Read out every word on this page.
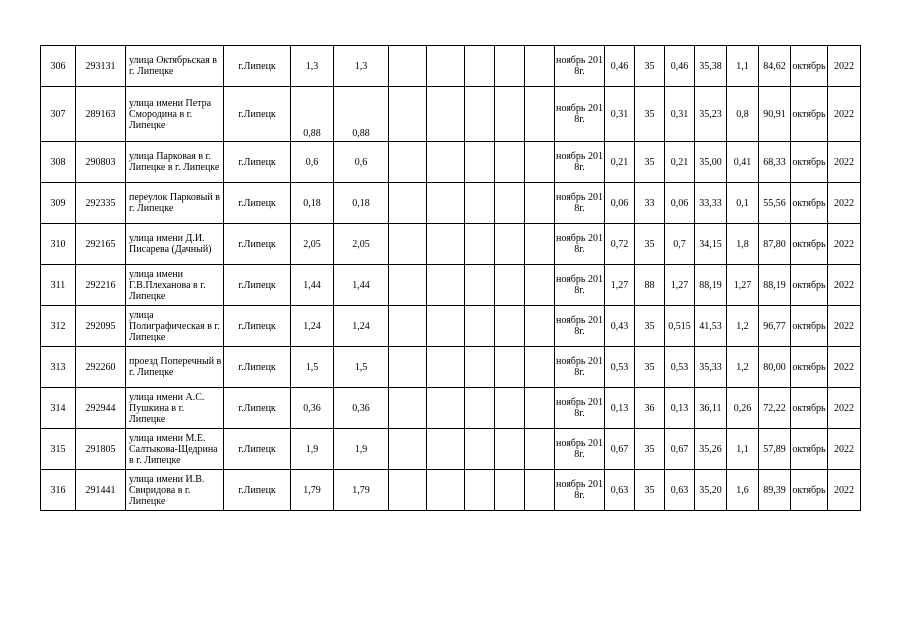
306	293131	улица Октябрьская в г. Липецке	г.Липецк	1,3	1,3						ноябрь 2018г.	0,46	35	0,46	35,38	1,1	84,62	октябрь	2022
307	289163	улица имени Петра Смородина в г. Липецке	г.Липецк	0,88	0,88						ноябрь 2018г.	0,31	35	0,31	35,23	0,8	90,91	октябрь	2022
308	290803	улица Парковая в г. Липецке в г. Липецке	г.Липецк	0,6	0,6						ноябрь 2018г.	0,21	35	0,21	35,00	0,41	68,33	октябрь	2022
309	292335	переулок Парковый в г. Липецке	г.Липецк	0,18	0,18						ноябрь 2018г.	0,06	33	0,06	33,33	0,1	55,56	октябрь	2022
310	292165	улица имени Д.И. Писарева (Дачный)	г.Липецк	2,05	2,05						ноябрь 2018г.	0,72	35	0,7	34,15	1,8	87,80	октябрь	2022
311	292216	улица имени Г.В.Плеханова в г. Липецке	г.Липецк	1,44	1,44						ноябрь 2018г.	1,27	88	1,27	88,19	1,27	88,19	октябрь	2022
312	292095	улица Полиграфическая в г. Липецке	г.Липецк	1,24	1,24						ноябрь 2018г.	0,43	35	0,515	41,53	1,2	96,77	октябрь	2022
313	292260	проезд Поперечный в г. Липецке	г.Липецк	1,5	1,5						ноябрь 2018г.	0,53	35	0,53	35,33	1,2	80,00	октябрь	2022
314	292944	улица имени А.С. Пушкина в г. Липецке	г.Липецк	0,36	0,36						ноябрь 2018г.	0,13	36	0,13	36,11	0,26	72,22	октябрь	2022
315	291805	улица имени М.Е. Салтыкова-Щедрина в г. Липецке	г.Липецк	1,9	1,9						ноябрь 2018г.	0,67	35	0,67	35,26	1,1	57,89	октябрь	2022
316	291441	улица имени И.В. Свиридова в г. Липецке	г.Липецк	1,79	1,79						ноябрь 2018г.	0,63	35	0,63	35,20	1,6	89,39	октябрь	2022
